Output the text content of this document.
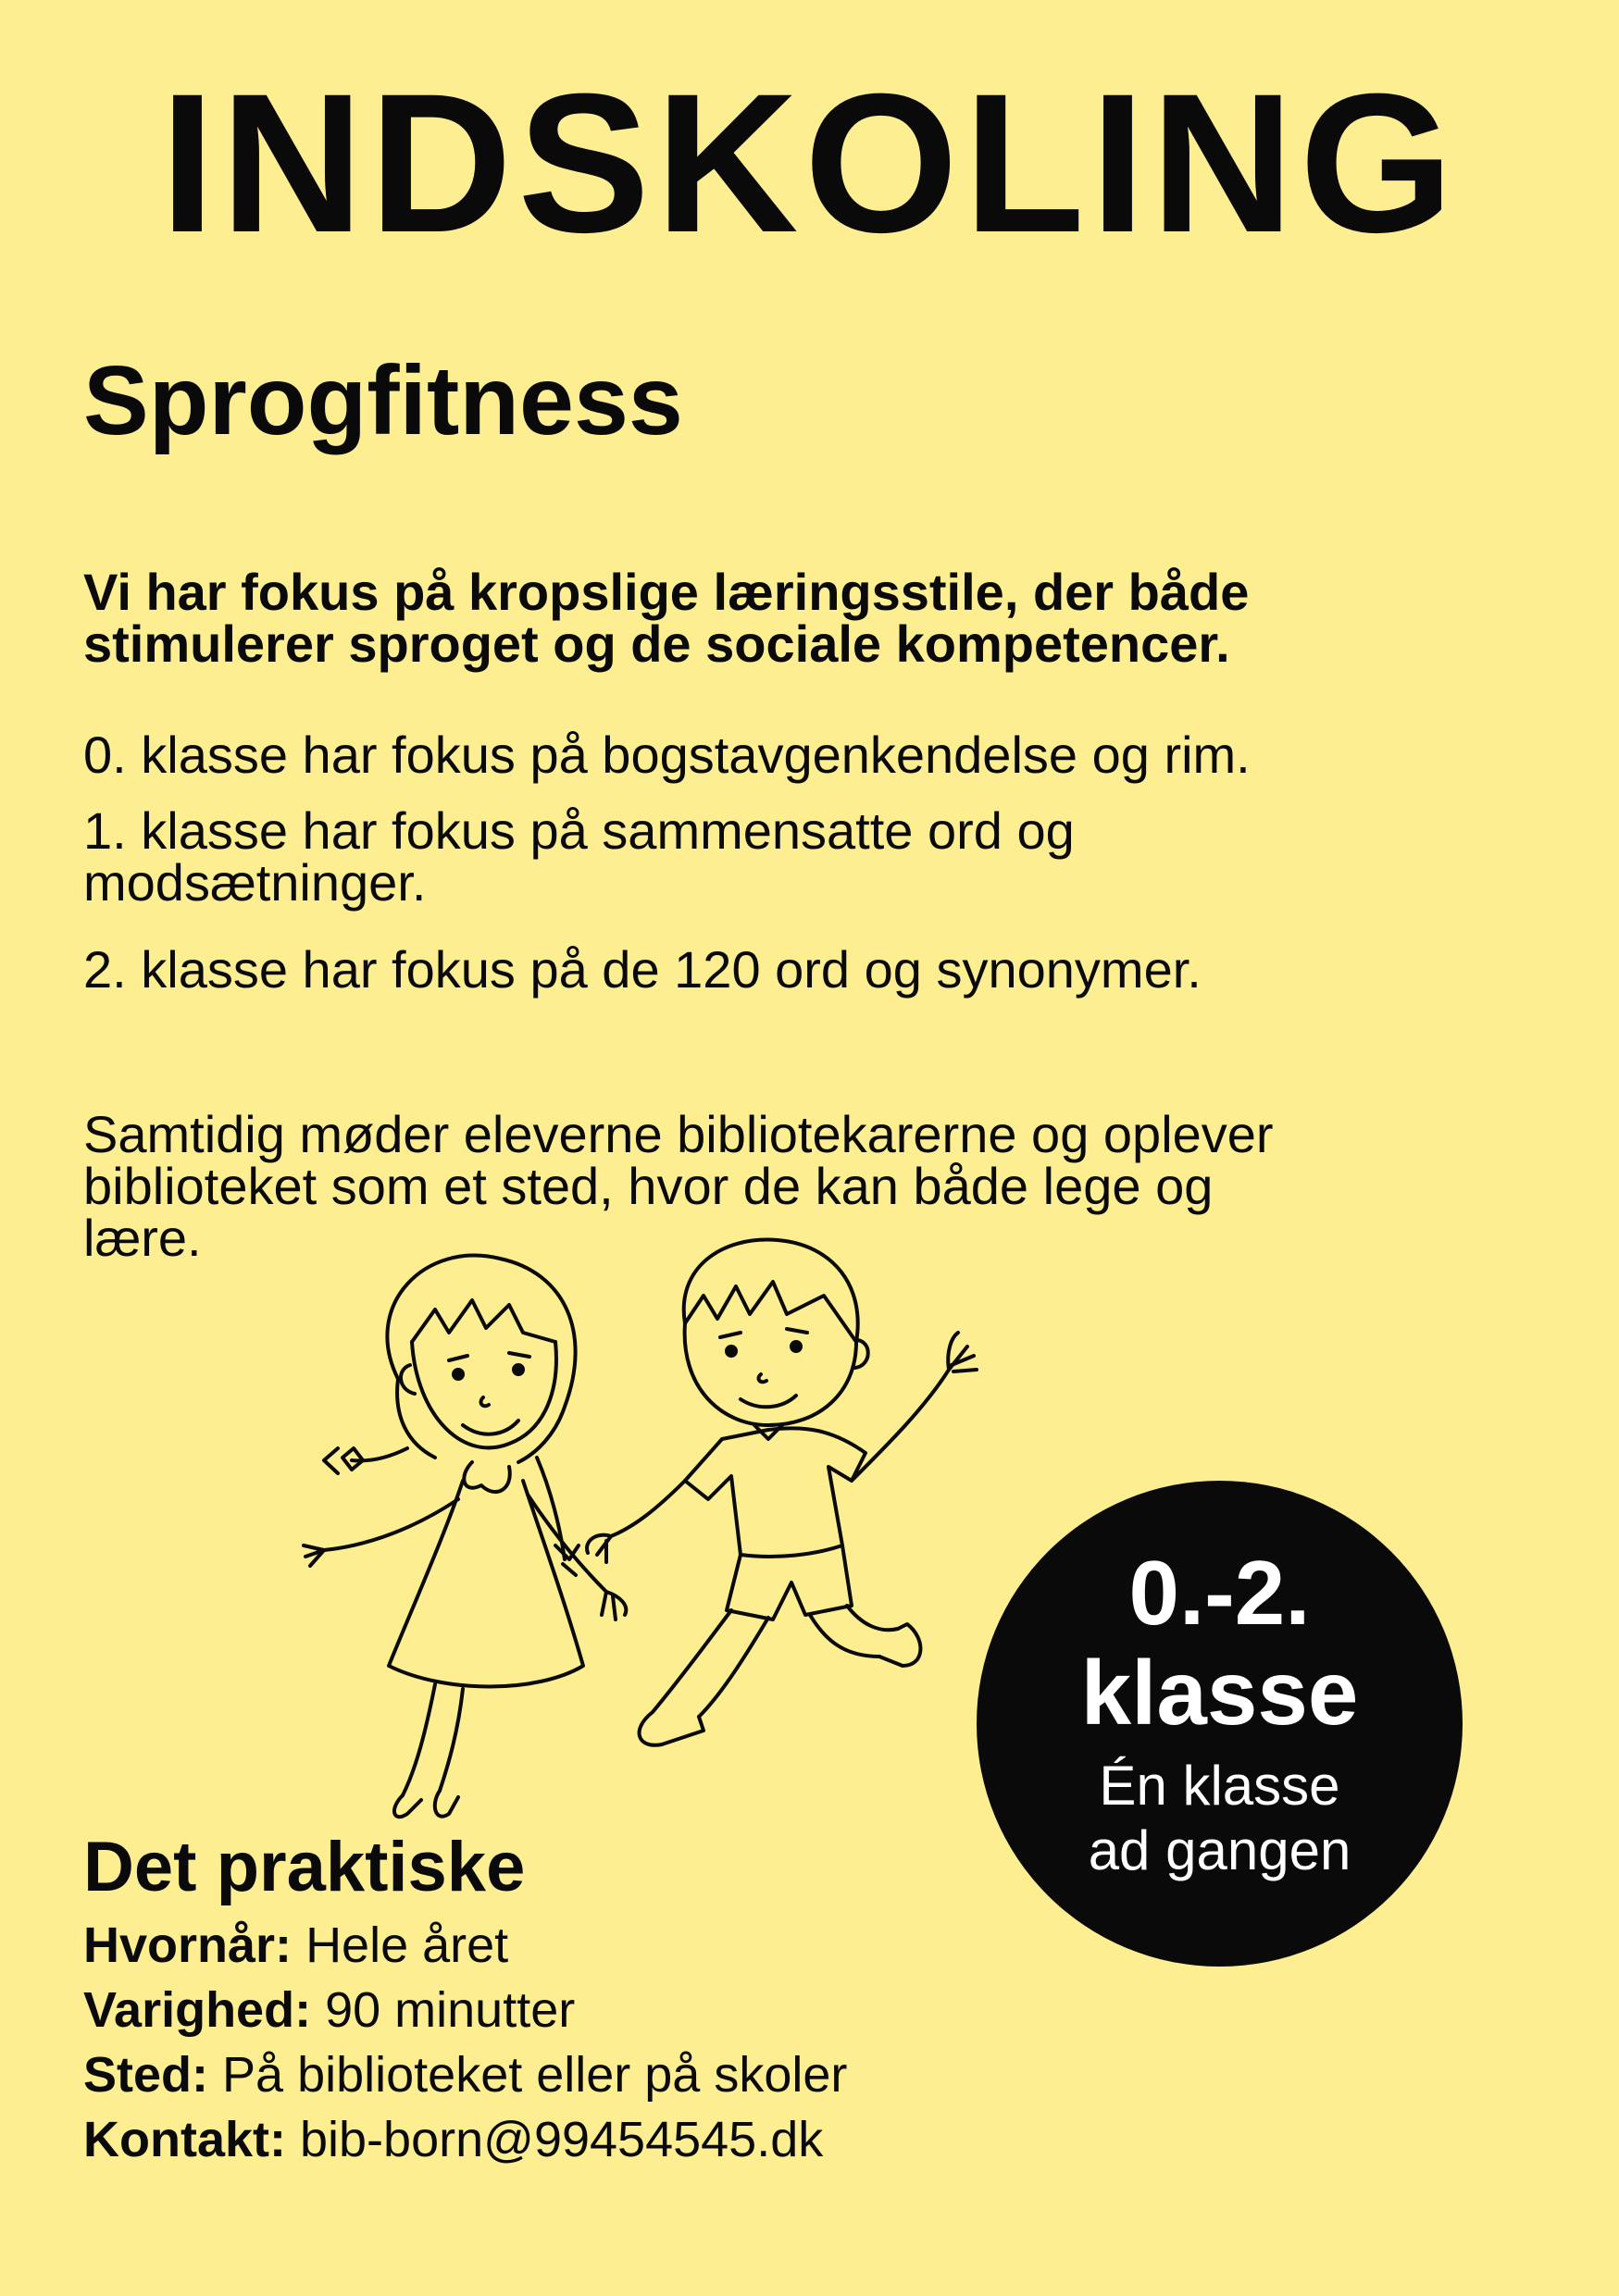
INDSKOLING
Sprogfitness

Vi har fokus på kropslige læringsstile, der både
stimulerer sproget og de sociale kompetencer.

0. klasse har fokus på bogstavgenkendelse og rim.

1. klasse har fokus på sammensatte ord og
modsætninger.

2. klasse har fokus på de 120 ord og synonymer.

Samtidig møder eleverne bibliotekarerne og oplever
biblioteket som et sted, hvor de kan både lege og
lære.

0.-2.
klasse
Én klasse
ad gangen
Det praktiske
Hvornår: Hele året
Varighed: 90 minutter
Sted: På biblioteket eller på skoler
Kontakt: bib-born@99454545.dk
